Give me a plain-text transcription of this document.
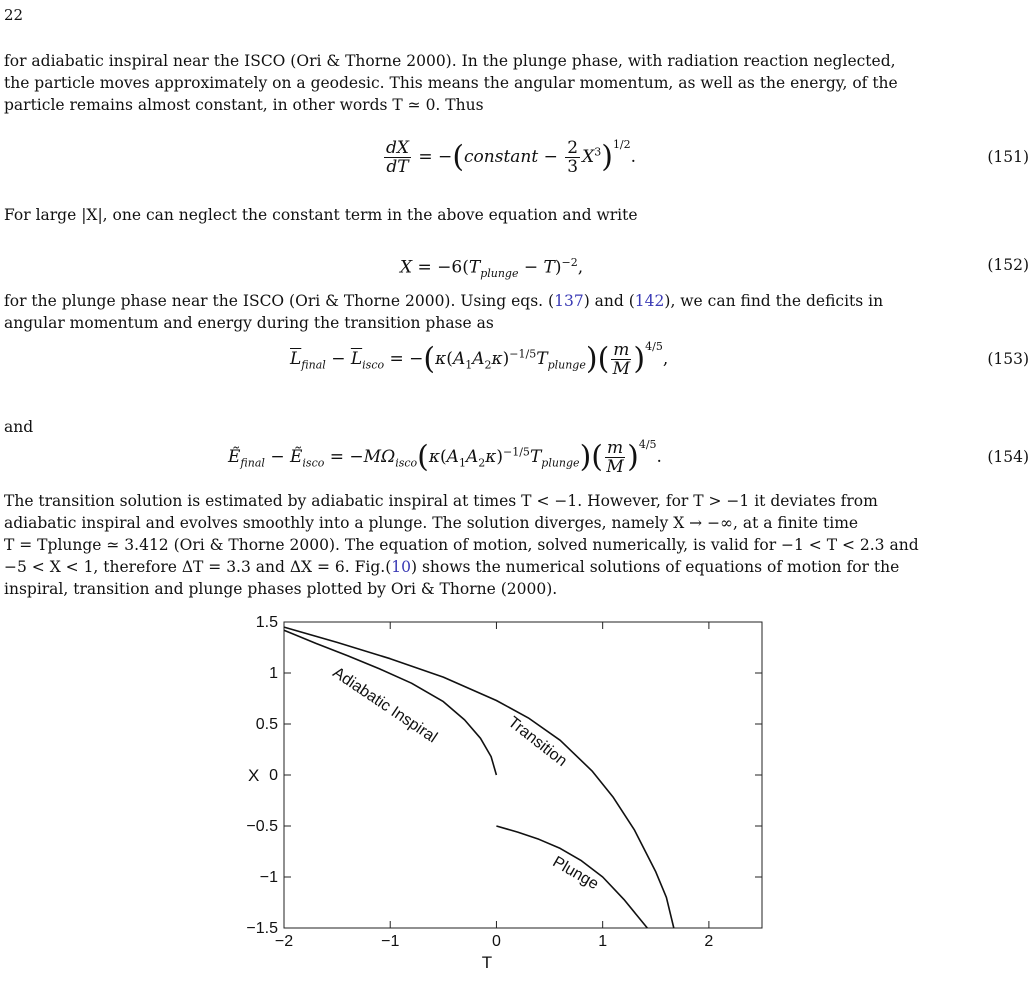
22
for adiabatic inspiral near the ISCO (Ori & Thorne 2000). In the plunge phase, with radiation reaction neglected,
the particle moves approximately on a geodesic. This means the angular momentum, as well as the energy, of the
particle remains almost constant, in other words T ≃ 0. Thus
$\frac{dX}{dT}$ = −(constant − $\frac{2}{3} X^3)^{1/2}$.	(151)
For large |X|, one can neglect the constant term in the above equation and write
$X = -6(T_{plunge} - T)^{-2}$,	(152)
for the plunge phase near the ISCO (Ori & Thorne 2000). Using eqs. (137) and (142), we can find the deficits in
angular momentum and energy during the transition phase as
$\overline{L}_{final} - \overline{L}_{isco} = -(\kappa(A_1A_2\kappa)^{-1/5}T_{plunge})( \frac{m}{M} )^{4/5}$,	(153)
and
Ẽ$_{final}$ − Ẽ$_{isco}$ = $-M\Omega_{isco}(\kappa(A_1A_2\kappa)^{-1/5}T_{plunge})( \frac{m}{M} )^{4/5}$.	(154)
The transition solution is estimated by adiabatic inspiral at times T < −1. However, for T > −1 it deviates from
adiabatic inspiral and evolves smoothly into a plunge. The solution diverges, namely X → −∞, at a finite time
T = Tplunge ≃ 3.412 (Ori & Thorne 2000). The equation of motion, solved numerically, is valid for −1 < T < 2.3 and
−5 < X < 1, therefore ΔT = 3.3 and ΔX = 6. Fig.(10) shows the numerical solutions of equations of motion for the
inspiral, transition and plunge phases plotted by Ori & Thorne (2000).
−2	−1	0	1	2
1.5
1
0.5
0
−0.5
−1
−1.5
T
X
Adiabatic Inspiral	Transition
Plunge
